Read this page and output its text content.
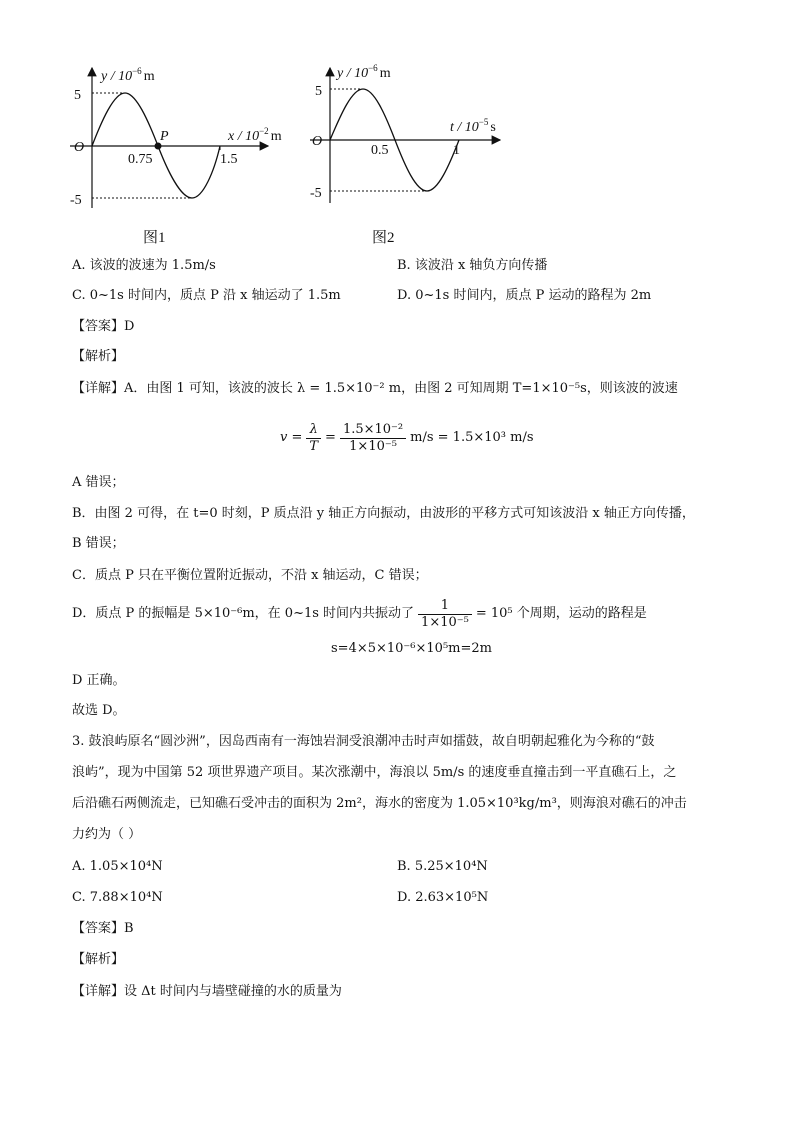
y / $10^{-6}$ m
x / $10^{-2}$ m
O
5
-5
0.75	1.5
P
图1
y / $10^{-6}$ m
t / $10^{-5}$ s
O
5
-5
0.5	1
图2
A. 该波的波速为 1.5m/s	B. 该波沿 x 轴负方向传播
C. 0~1s 时间内，质点 P 沿 x 轴运动了 1.5m	D. 0~1s 时间内，质点 P 运动的路程为 2m
【答案】D
【解析】
【详解】A．由图 1 可知，该波的波长 λ = 1.5×10⁻² m，由图 2 可知周期 T=1×10⁻⁵s，则该波的波速
$v = \frac{\lambda}{T} = \frac{\text{1.5×10⁻²}}{\text{1×10⁻⁵}} m/s = 1.5\times 10^3$ m/s
A 错误；
B．由图 2 可得，在 t=0 时刻，P 质点沿 y 轴正方向振动，由波形的平移方式可知该波沿 x 轴正方向传播，
B 错误；
C．质点 P 只在平衡位置附近振动，不沿 x 轴运动，C 错误；
D．质点 P 的振幅是 5×10⁻⁶m，在 0~1s 时间内共振动了 $\frac{1}{\text{1×10⁻⁵}} = 10^5$ 个周期，运动的路程是
s=4×5×10⁻⁶×10⁵m=2m
D 正确。
故选 D。
3. 鼓浪屿原名“圆沙洲”，因岛西南有一海蚀岩洞受浪潮冲击时声如擂鼓，故自明朝起雅化为今称的“鼓
浪屿”，现为中国第 52 项世界遗产项目。某次涨潮中，海浪以 5m/s 的速度垂直撞击到一平直礁石上，之
后沿礁石两侧流走，已知礁石受冲击的面积为 2m²，海水的密度为 1.05×10³kg/m³，则海浪对礁石的冲击
力约为（ ）
A. 1.05×10⁴N	B. 5.25×10⁴N
C. 7.88×10⁴N	D. 2.63×10⁵N
【答案】B
【解析】
【详解】设 Δt 时间内与墙壁碰撞的水的质量为
